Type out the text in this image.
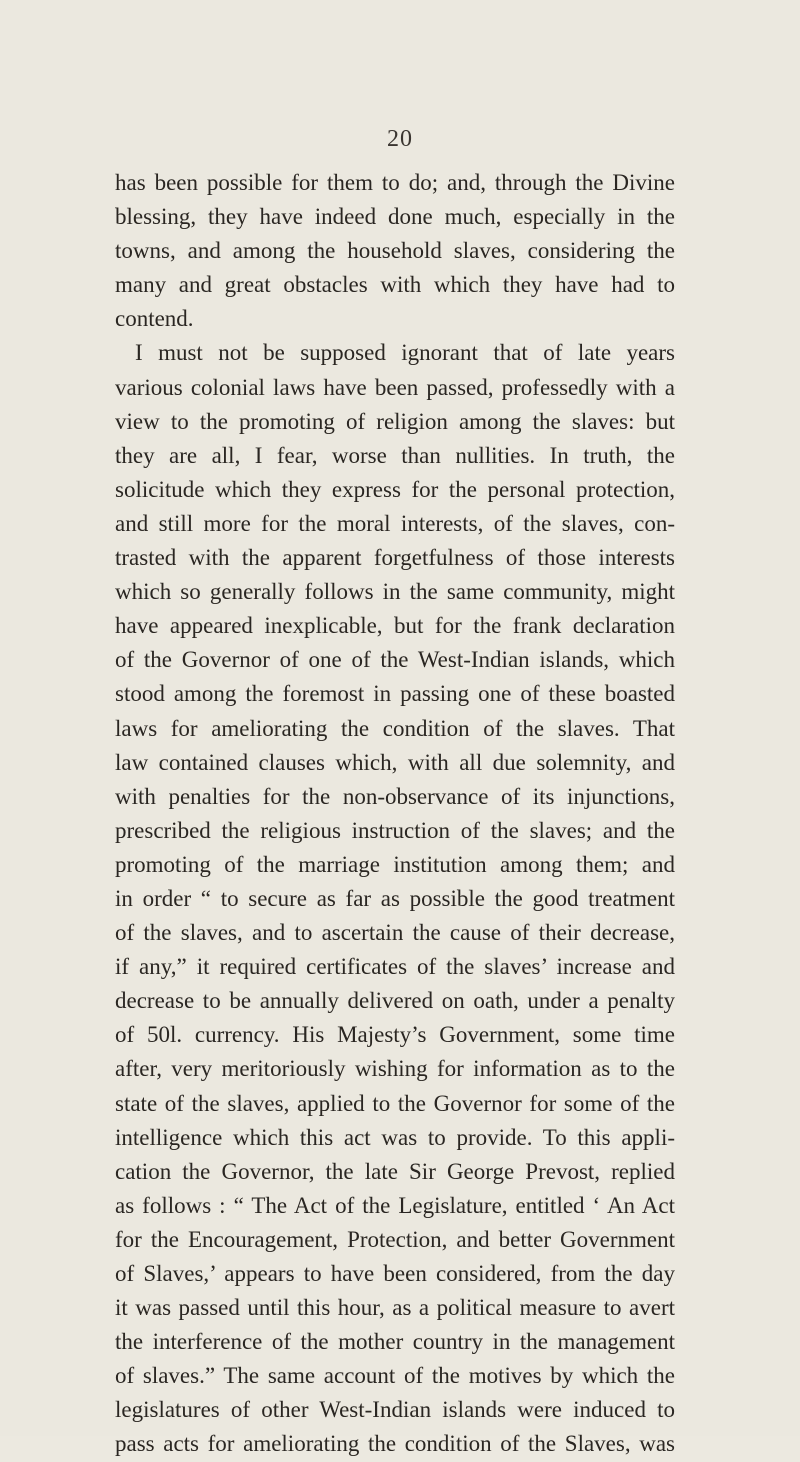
20
has been possible for them to do; and, through the Divine
blessing, they have indeed done much, especially in the
towns, and among the household slaves, considering the
many and great obstacles with which they have had to
contend.
I must not be supposed ignorant that of late years
various colonial laws have been passed, professedly with a
view to the promoting of religion among the slaves: but
they are all, I fear, worse than nullities. In truth, the
solicitude which they express for the personal protection,
and still more for the moral interests, of the slaves, con-
trasted with the apparent forgetfulness of those interests
which so generally follows in the same community, might
have appeared inexplicable, but for the frank declaration
of the Governor of one of the West-Indian islands, which
stood among the foremost in passing one of these boasted
laws for ameliorating the condition of the slaves. That
law contained clauses which, with all due solemnity, and
with penalties for the non-observance of its injunctions,
prescribed the religious instruction of the slaves; and the
promoting of the marriage institution among them; and
in order “ to secure as far as possible the good treatment
of the slaves, and to ascertain the cause of their decrease,
if any,” it required certificates of the slaves’ increase and
decrease to be annually delivered on oath, under a penalty
of 50l. currency. His Majesty’s Government, some time
after, very meritoriously wishing for information as to the
state of the slaves, applied to the Governor for some of the
intelligence which this act was to provide. To this appli-
cation the Governor, the late Sir George Prevost, replied
as follows : “ The Act of the Legislature, entitled ‘ An Act
for the Encouragement, Protection, and better Government
of Slaves,’ appears to have been considered, from the day
it was passed until this hour, as a political measure to avert
the interference of the mother country in the management
of slaves.” The same account of the motives by which the
legislatures of other West-Indian islands were induced to
pass acts for ameliorating the condition of the Slaves, was
